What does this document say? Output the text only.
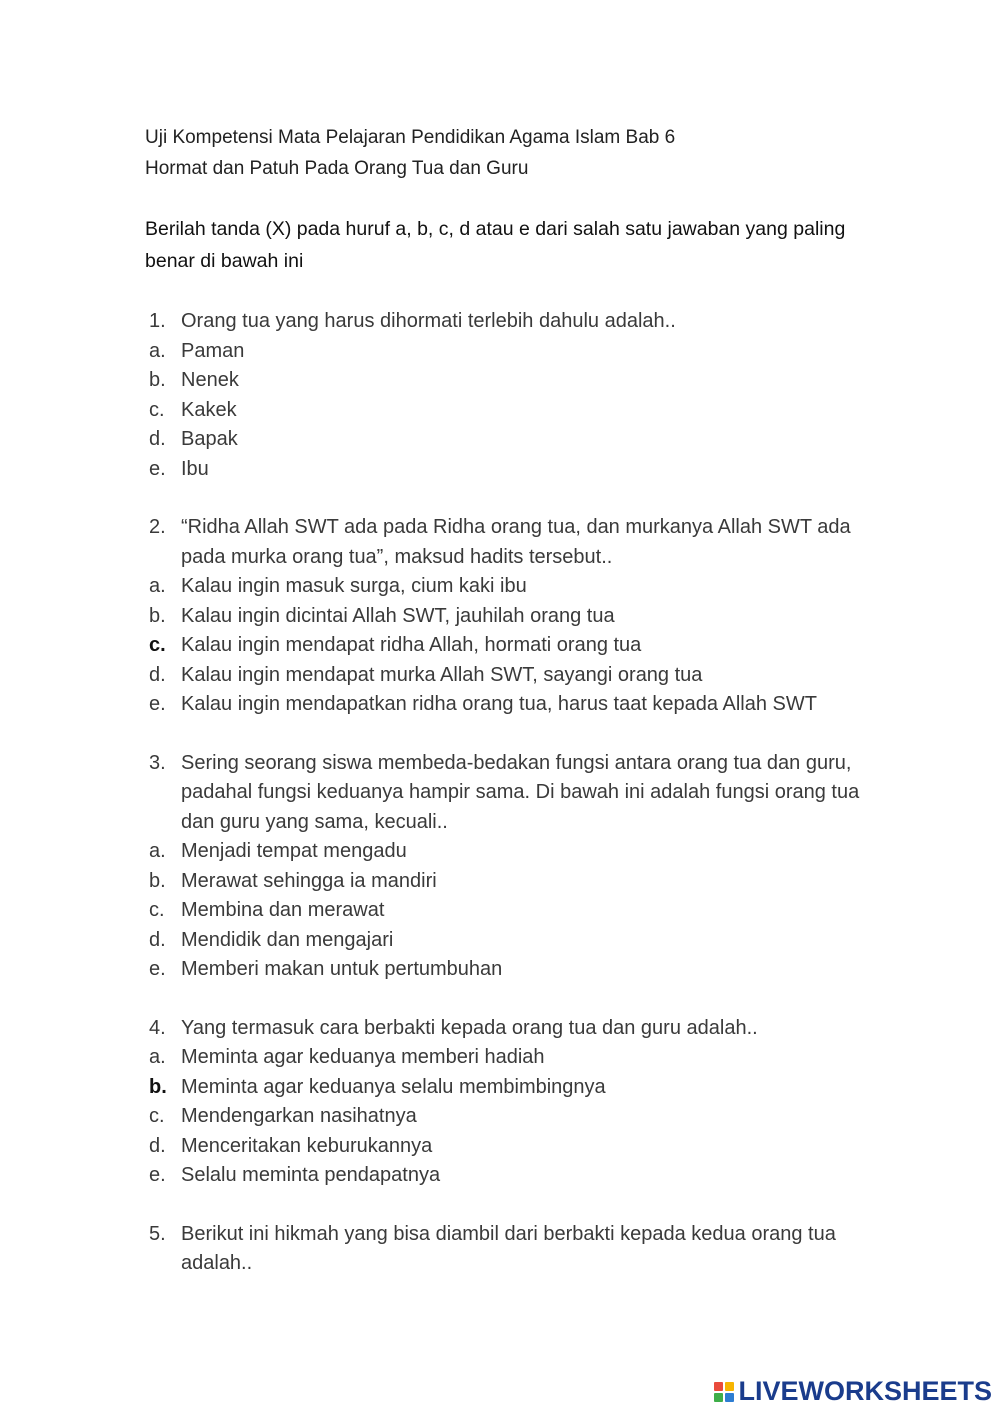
Uji Kompetensi Mata Pelajaran Pendidikan Agama Islam Bab 6
Hormat dan Patuh Pada Orang Tua dan Guru
Berilah tanda (X) pada huruf a, b, c, d atau e dari salah satu jawaban yang paling benar di bawah ini
1. Orang tua yang harus dihormati terlebih dahulu adalah..
a. Paman
b. Nenek
c. Kakek
d. Bapak
e. Ibu
2. “Ridha Allah SWT ada pada Ridha orang tua, dan murkanya Allah SWT ada pada murka orang tua”, maksud hadits tersebut..
a. Kalau ingin masuk surga, cium kaki ibu
b. Kalau ingin dicintai Allah SWT, jauhilah orang tua
c. Kalau ingin mendapat ridha Allah, hormati orang tua
d. Kalau ingin mendapat murka Allah SWT, sayangi orang tua
e. Kalau ingin mendapatkan ridha orang tua, harus taat kepada Allah SWT
3. Sering seorang siswa membeda-bedakan fungsi antara orang tua dan guru, padahal fungsi keduanya hampir sama. Di bawah ini adalah fungsi orang tua dan guru yang sama, kecuali..
a. Menjadi tempat mengadu
b. Merawat sehingga ia mandiri
c. Membina dan merawat
d. Mendidik dan mengajari
e. Memberi makan untuk pertumbuhan
4. Yang termasuk cara berbakti kepada orang tua dan guru adalah..
a. Meminta agar keduanya memberi hadiah
b. Meminta agar keduanya selalu membimbingnya
c. Mendengarkan nasihatnya
d. Menceritakan keburukannya
e. Selalu meminta pendapatnya
5. Berikut ini hikmah yang bisa diambil dari berbakti kepada kedua orang tua adalah..
LIVEWORKSHEETS
